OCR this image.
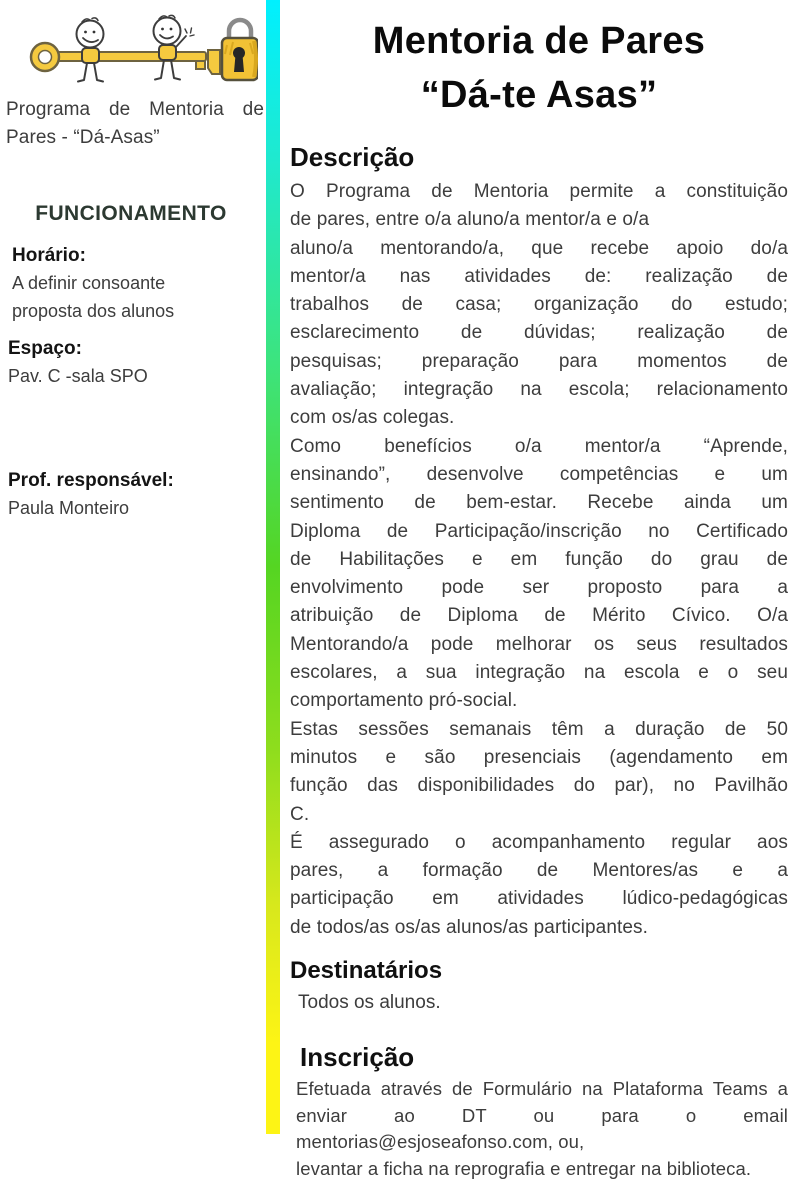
Programa de Mentoria de
Pares - “Dá-Asas”
FUNCIONAMENTO
Horário:
A definir consoante proposta dos alunos
Espaço:
Pav. C -sala SPO
Prof. responsável:
Paula Monteiro
Mentoria de Pares
“Dá-te Asas”
Descrição
O Programa de Mentoria permite a constituição
de pares, entre o/a aluno/a mentor/a e o/a
aluno/a mentorando/a, que recebe apoio do/a
mentor/a nas atividades de: realização de
trabalhos de casa; organização do estudo;
esclarecimento de dúvidas; realização de
pesquisas; preparação para momentos de
avaliação; integração na escola; relacionamento
com os/as colegas.
Como benefícios o/a mentor/a “Aprende,
ensinando”, desenvolve competências e um
sentimento de bem-estar. Recebe ainda um
Diploma de Participação/inscrição no Certificado
de Habilitações e em função do grau de
envolvimento pode ser proposto para a
atribuição de Diploma de Mérito Cívico. O/a
Mentorando/a pode melhorar os seus resultados
escolares, a sua integração na escola e o seu
comportamento pró-social.
Estas sessões semanais têm a duração de 50
minutos e são presenciais (agendamento em
função das disponibilidades do par), no Pavilhão
C.
É assegurado o acompanhamento regular aos
pares, a formação de Mentores/as e a
participação em atividades lúdico-pedagógicas
de todos/as os/as alunos/as participantes.
Destinatários
Todos os alunos.
Inscrição
Efetuada através de Formulário na Plataforma Teams a
enviar ao DT ou para o email
mentorias@esjoseafonso.com, ou,
levantar a ficha na reprografia e entregar na biblioteca.
